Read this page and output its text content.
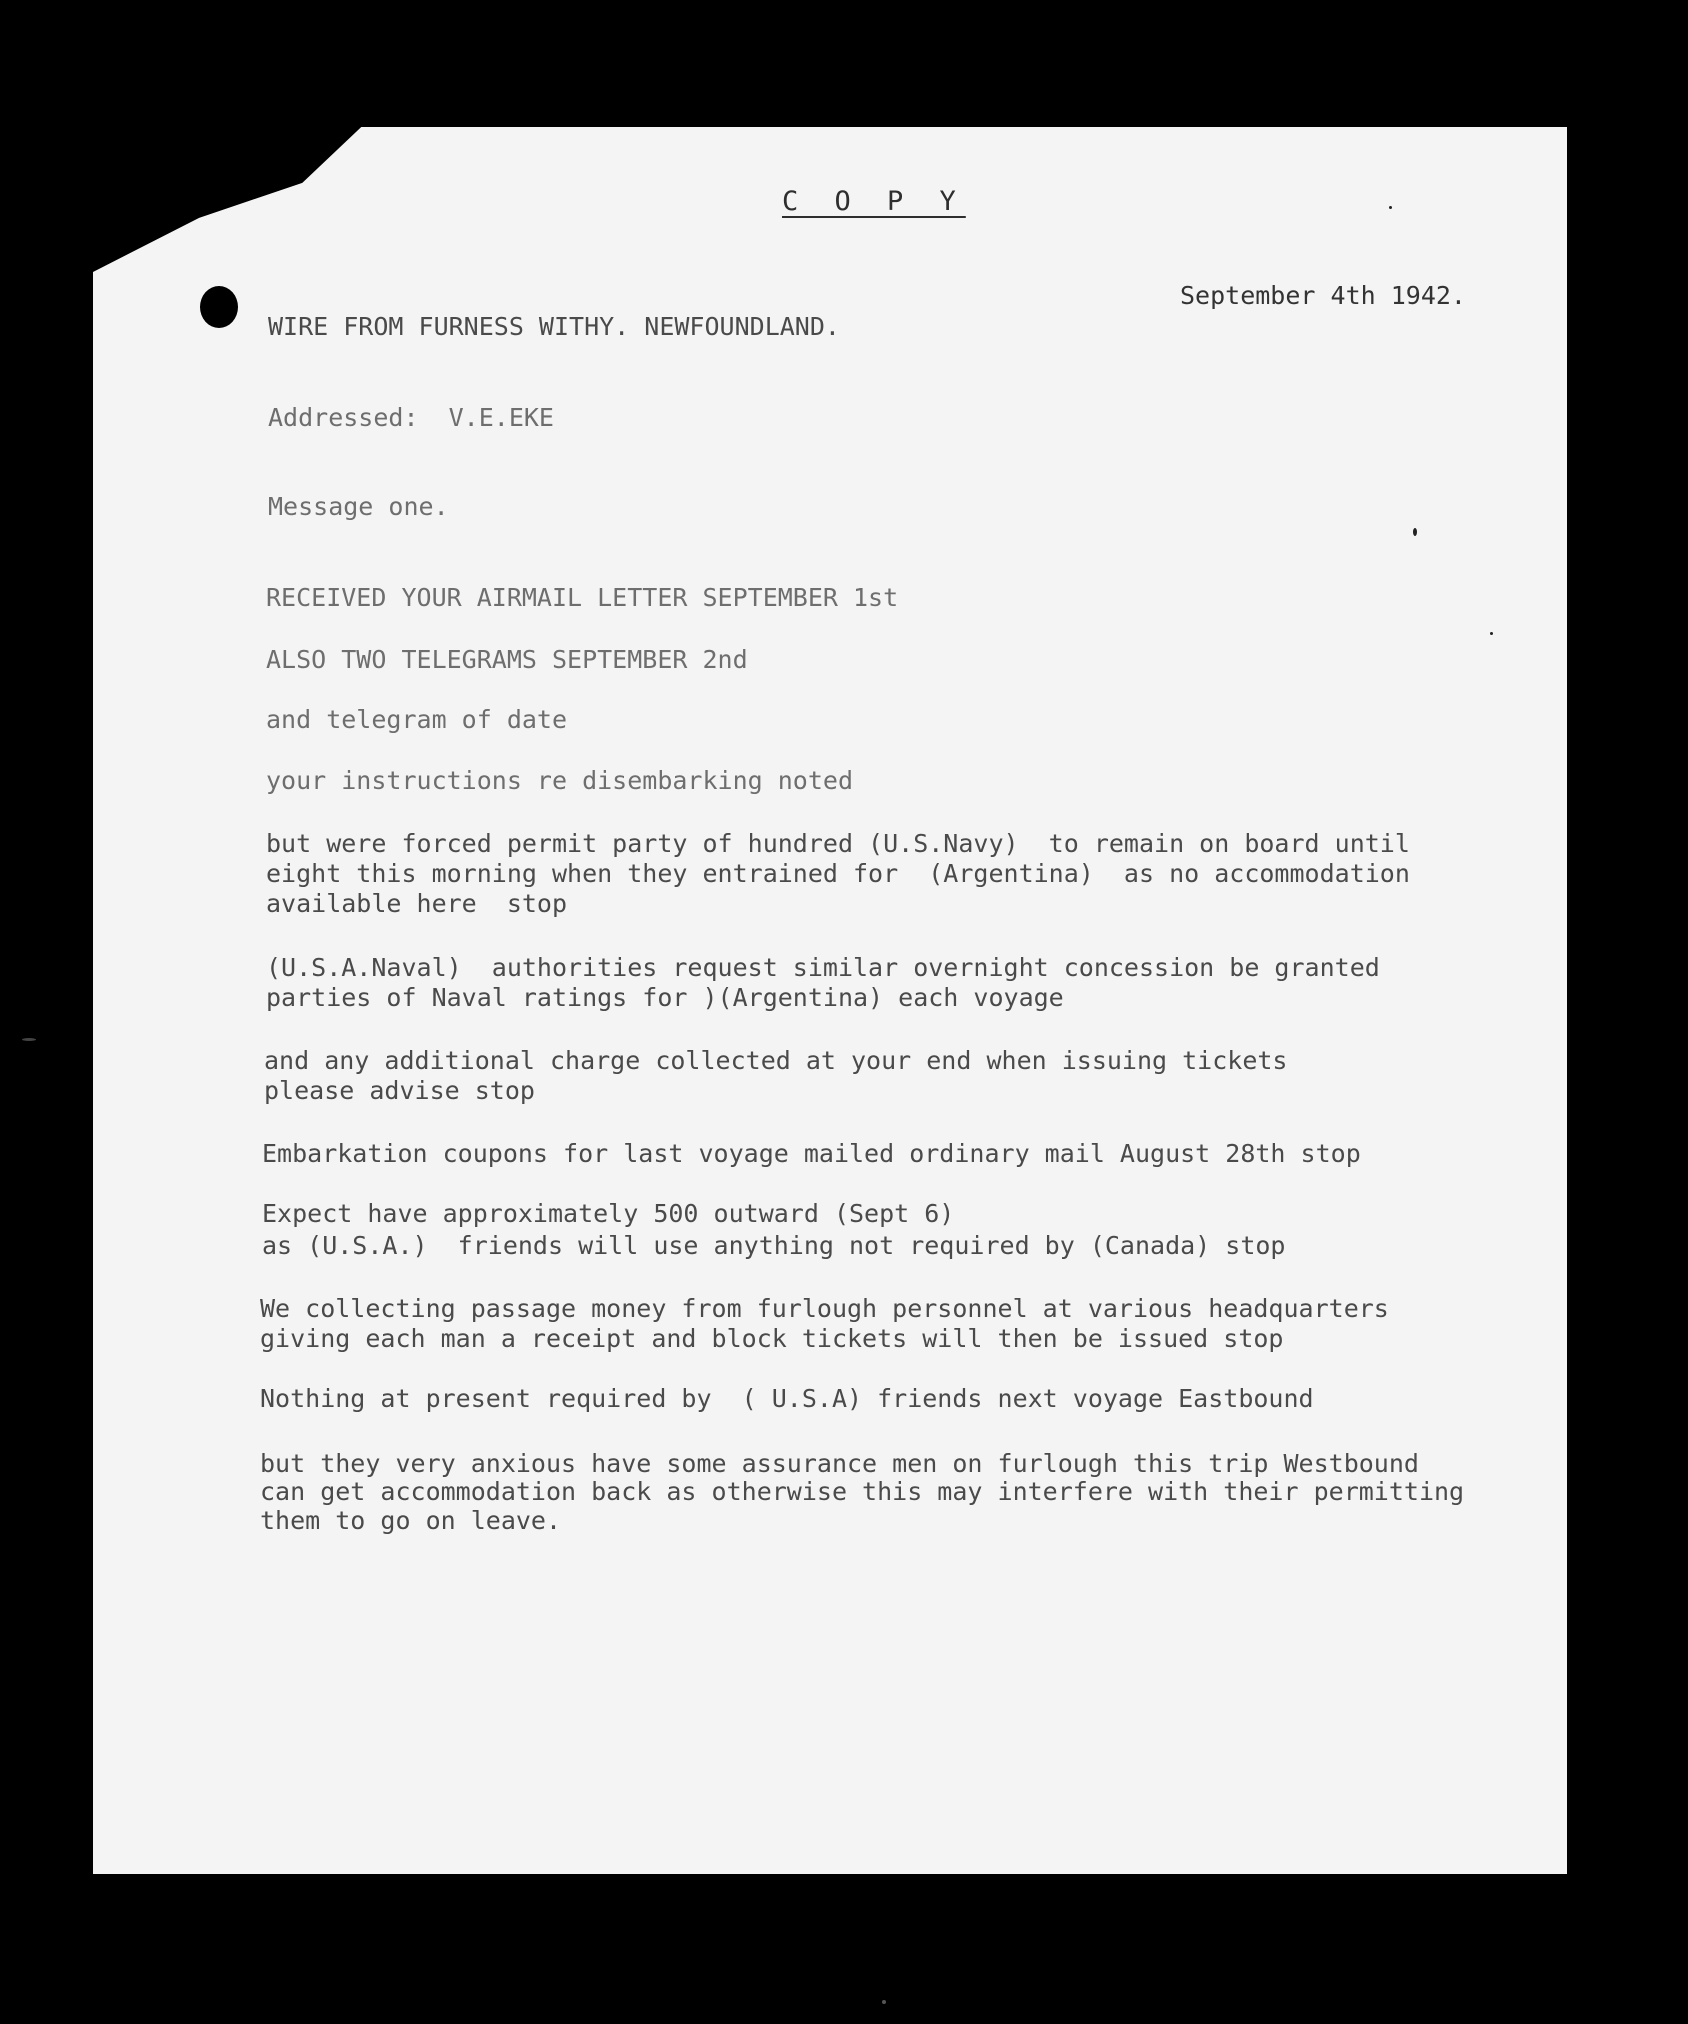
C O P Y

September 4th 1942.

WIRE FROM FURNESS WITHY. NEWFOUNDLAND.

Addressed:  V.E.EKE

Message one.

RECEIVED YOUR AIRMAIL LETTER SEPTEMBER 1st

ALSO TWO TELEGRAMS SEPTEMBER 2nd

and telegram of date

your instructions re disembarking noted

but were forced permit party of hundred (U.S.Navy)  to remain on board until

eight this morning when they entrained for  (Argentina)  as no accommodation

available here  stop

(U.S.A.Naval)  authorities request similar overnight concession be granted

parties of Naval ratings for )(Argentina) each voyage

and any additional charge collected at your end when issuing tickets

please advise stop

Embarkation coupons for last voyage mailed ordinary mail August 28th stop

Expect have approximately 500 outward (Sept 6)

as (U.S.A.)  friends will use anything not required by (Canada) stop

We collecting passage money from furlough personnel at various headquarters

giving each man a receipt and block tickets will then be issued stop

Nothing at present required by  ( U.S.A) friends next voyage Eastbound

but they very anxious have some assurance men on furlough this trip Westbound

can get accommodation back as otherwise this may interfere with their permitting

them to go on leave.
